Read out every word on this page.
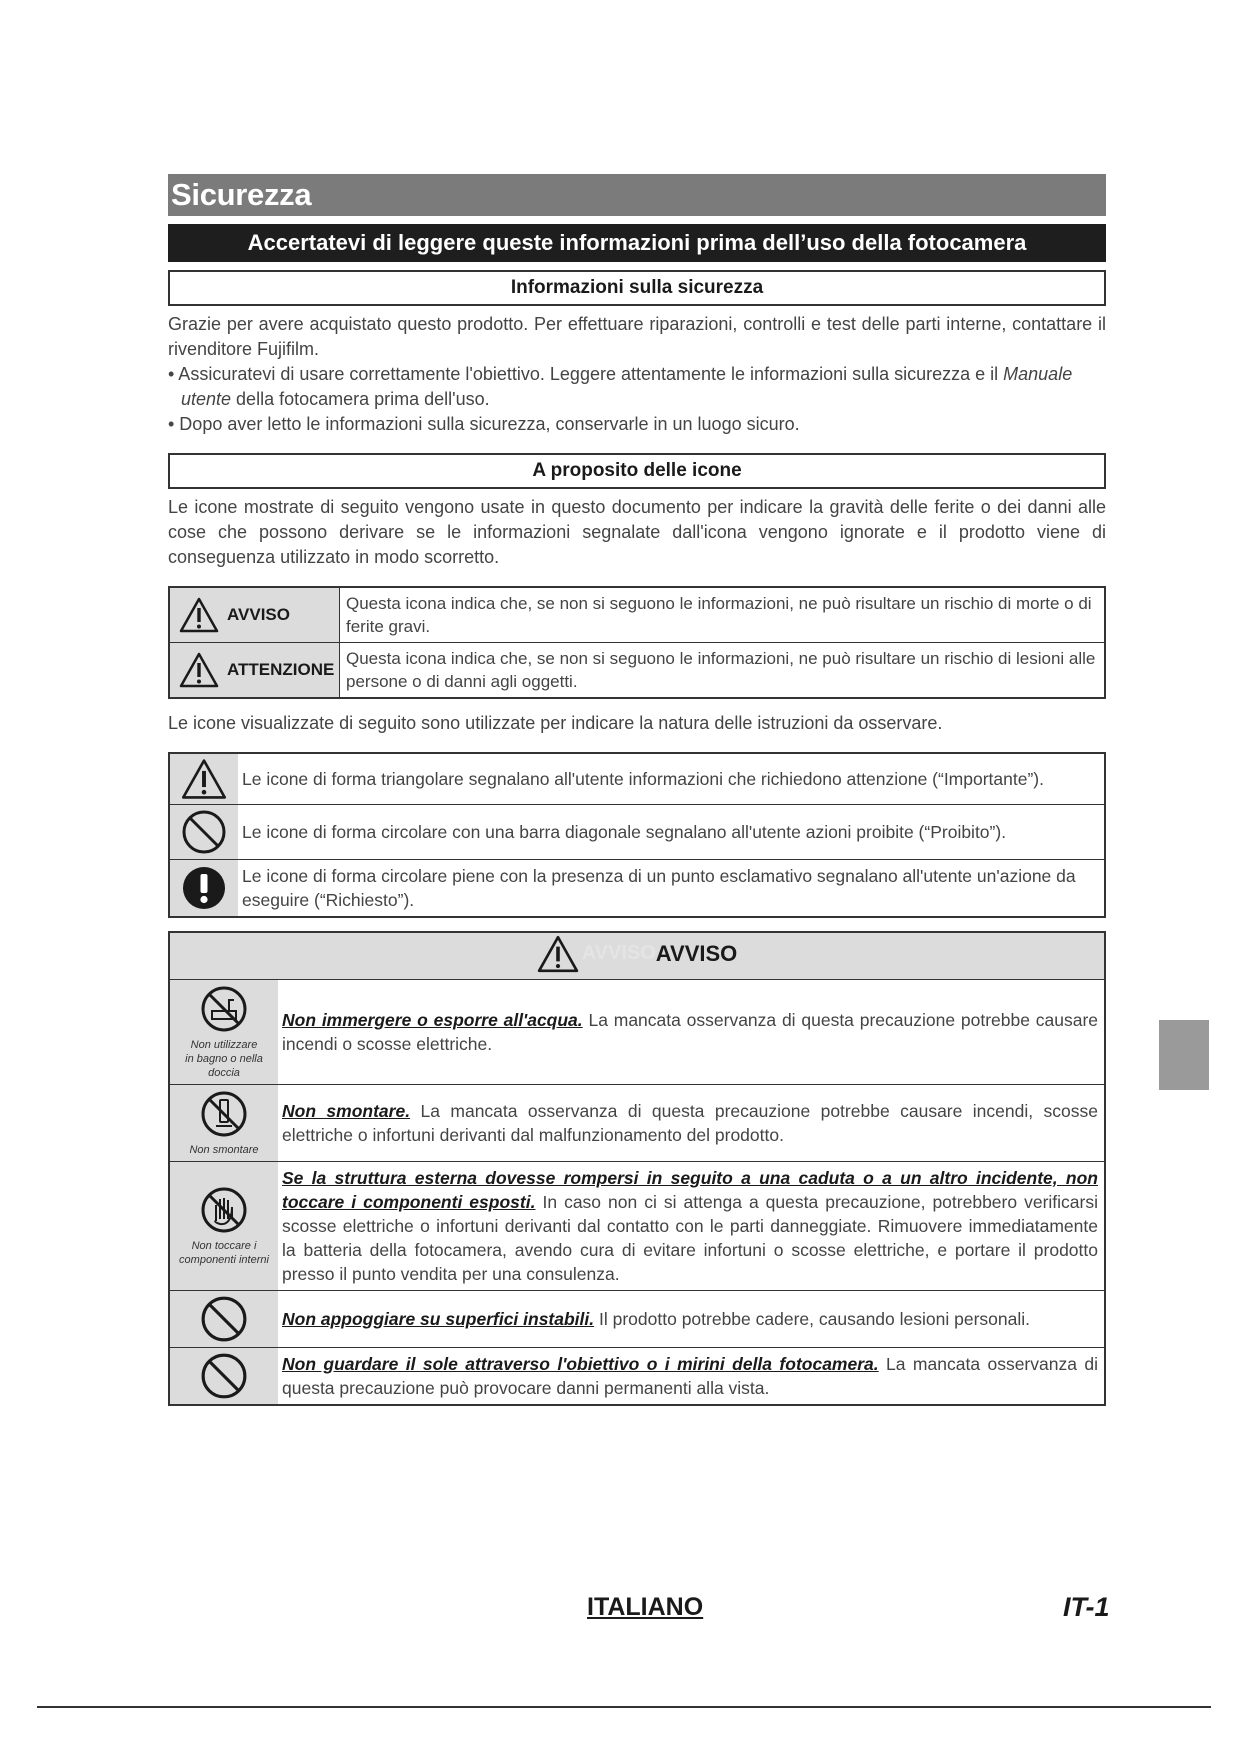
Sicurezza
Accertatevi di leggere queste informazioni prima dell’uso della fotocamera
Informazioni sulla sicurezza

Grazie per avere acquistato questo prodotto. Per effettuare riparazioni, controlli e test delle parti interne, contattare il rivenditore Fujifilm.

• Assicuratevi di usare correttamente l'obiettivo. Leggere attentamente le informazioni sulla sicurezza e il Manuale utente della fotocamera prima dell'uso.
• Dopo aver letto le informazioni sulla sicurezza, conservarle in un luogo sicuro.
A proposito delle icone

Le icone mostrate di seguito vengono usate in questo documento per indicare la gravità delle ferite o dei danni alle cose che possono derivare se le informazioni segnalate dall'icona vengono ignorate e il prodotto viene di conseguenza utilizzato in modo scorretto.

AVVISO	Questa icona indica che, se non si seguono le informazioni, ne può risultare un rischio di morte o di ferite gravi.

ATTENZIONE	Questa icona indica che, se non si seguono le informazioni, ne può risultare un rischio di lesioni alle persone o di danni agli oggetti.

Le icone visualizzate di seguito sono utilizzate per indicare la natura delle istruzioni da osservare.

	Le icone di forma triangolare segnalano all'utente informazioni che richiedono attenzione (“Importante”).

	Le icone di forma circolare con una barra diagonale segnalano all'utente azioni proibite (“Proibito”).

	Le icone di forma circolare piene con la presenza di un punto esclamativo segnalano all'utente un'azione da eseguire (“Richiesto”).
AVVISO AVVISO	

Non utilizzare
in bagno o nella doccia	Non immergere o esporre all'acqua. La mancata osservanza di questa precauzione potrebbe causare incendi o scosse elettriche.

Non smontare	Non smontare. La mancata osservanza di questa precauzione potrebbe causare incendi, scosse elettriche o infortuni derivanti dal malfunzionamento del prodotto.

Non toccare i
componenti interni	Se la struttura esterna dovesse rompersi in seguito a una caduta o a un altro incidente, non toccare i componenti esposti. In caso non ci si attenga a questa precauzione, potrebbero verificarsi scosse elettriche o infortuni derivanti dal contatto con le parti danneggiate. Rimuovere immediatamente la batteria della fotocamera, avendo cura di evitare infortuni o scosse elettriche, e portare il prodotto presso il punto vendita per una consulenza.

	Non appoggiare su superfici instabili. Il prodotto potrebbe cadere, causando lesioni personali.

	Non guardare il sole attraverso l'obiettivo o i mirini della fotocamera. La mancata osservanza di questa precauzione può provocare danni permanenti alla vista.
ITALIANO	IT-1
